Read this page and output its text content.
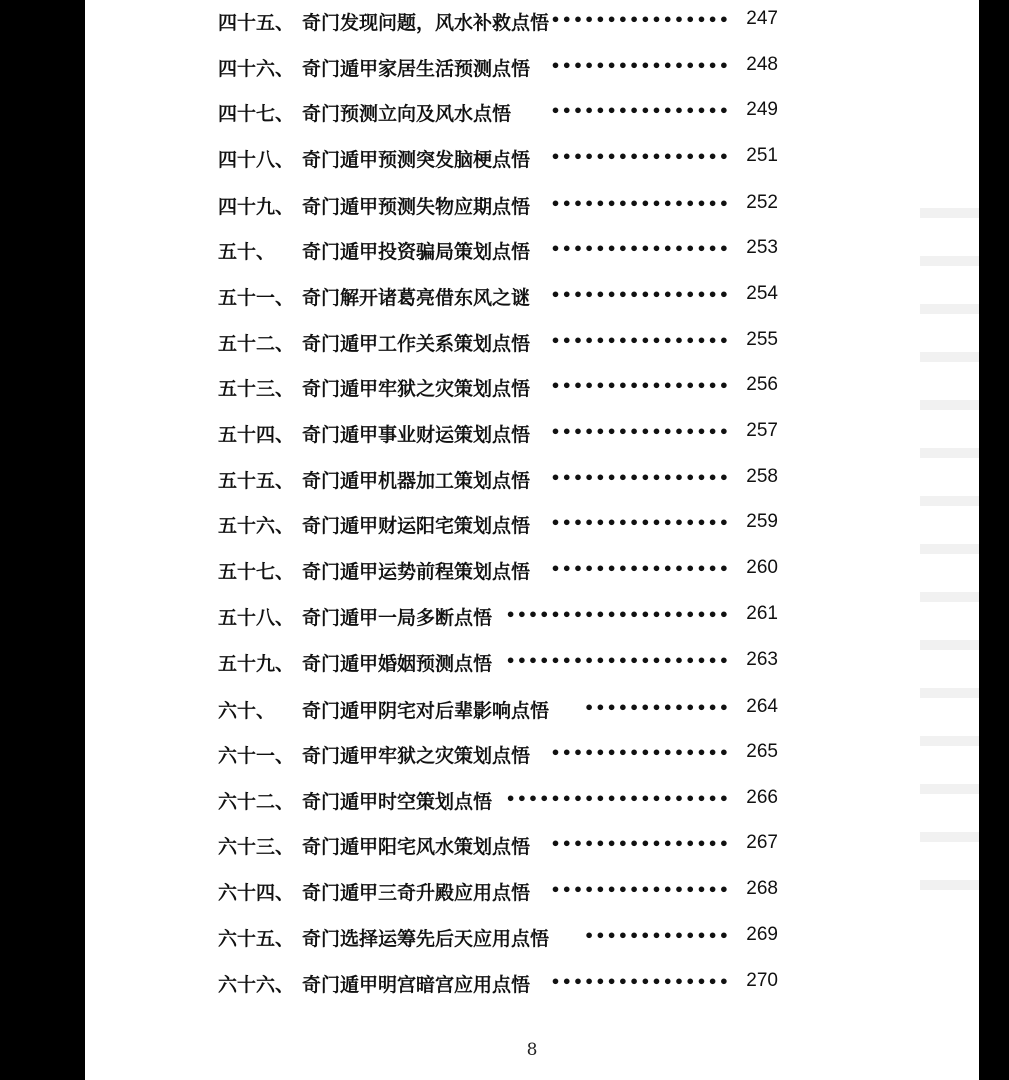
四十五、 奇门发现问题，风水补救点悟 •••••••••••••••• 247
四十六、 奇门遁甲家居生活预测点悟 •••••••••••••••• 248
四十七、 奇门预测立向及风水点悟 •••••••••••••••• 249
四十八、 奇门遁甲预测突发脑梗点悟 •••••••••••••••• 251
四十九、 奇门遁甲预测失物应期点悟 •••••••••••••••• 252
五十、 奇门遁甲投资骗局策划点悟 •••••••••••••••• 253
五十一、 奇门解开诸葛亮借东风之谜 •••••••••••••••• 254
五十二、 奇门遁甲工作关系策划点悟 •••••••••••••••• 255
五十三、 奇门遁甲牢狱之灾策划点悟 •••••••••••••••• 256
五十四、 奇门遁甲事业财运策划点悟 •••••••••••••••• 257
五十五、 奇门遁甲机器加工策划点悟 •••••••••••••••• 258
五十六、 奇门遁甲财运阳宅策划点悟 •••••••••••••••• 259
五十七、 奇门遁甲运势前程策划点悟 •••••••••••••••• 260
五十八、 奇门遁甲一局多断点悟 •••••••••••••••••••• 261
五十九、 奇门遁甲婚姻预测点悟 •••••••••••••••••••• 263
六十、 奇门遁甲阴宅对后辈影响点悟 ••••••••••••• 264
六十一、 奇门遁甲牢狱之灾策划点悟 •••••••••••••••• 265
六十二、 奇门遁甲时空策划点悟 •••••••••••••••••••• 266
六十三、 奇门遁甲阳宅风水策划点悟 •••••••••••••••• 267
六十四、 奇门遁甲三奇升殿应用点悟 •••••••••••••••• 268
六十五、 奇门选择运筹先后天应用点悟 ••••••••••••• 269
六十六、 奇门遁甲明宫暗宫应用点悟 •••••••••••••••• 270
8
